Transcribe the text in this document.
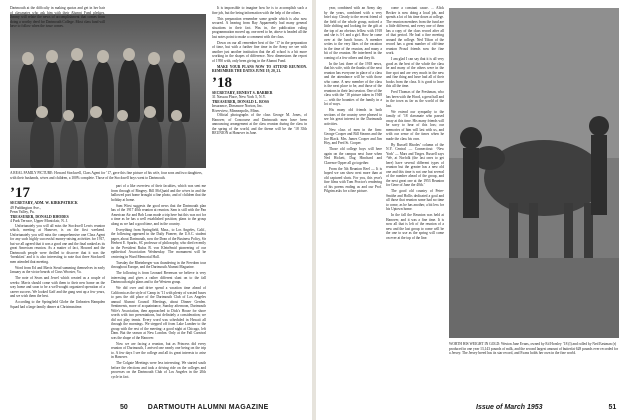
A REAL FAMILY PICTURE: Howard Stockwell, Class Agent for ’17, gave this fine picture of his wife, four sons and two daughters, with their husbands, wives and children, a 100% complete. Those of the Stockwell boys went to Dartmouth.

Dartmouth at the difficulty in making quotas and get in her hair of classmates who ask him with their Alumni Fund pledges. Jimmy will relate the news of accomplishment that comes from doing a worthy deed for Dartmouth College. Most class fund will have to follow when the issue comes.

It is impossible to imagine how he is to accomplish such a fine job, but the being information with the help of the others.

This preparation remember some gentle which is also now secured. A hearing from Ray Apparenetly had many general situations in their fact. Was in, the publication ruling programmation moved up, one need to be, above is headed all the last notes point to make a comment with the class.

Down on our all remember best of the ’17 in the preparation of time, but with a further fine time in the Army we see with another just another institution that the all school is a bit more working in the shapes of difference. Now dimensions the report of 1950 with, only been giving in the Alumni Fund.

MAKE YOUR PLANS NOW TO ATTEND REUNION. REMEMBER THE DATES JUNE 19, 20, 21.

’18
SECRETARY, ERNEST S. BARBER
31 Nassau Place, New York 5, N.Y.
TREASURER, DONALD L. ROSS
Insurance, Dinsmore Norton, Inc.
Riverview, Minneapolis, Minn.

Official photographs of the class George M. Jones, of Hanover, of Concourse and Dartmouth men have been announcing arrangement at the class reunion during the class in the spring of the world, and the theme will be the ’18 35th REUNION at Hanover in June.

’17
SECRETARY, ADM. W. KIRKPATRICK
49 Paddington Ave.,
Penn Valley, Pa.
TREASURER, DONALD RHODES
4 Park Terrace, Upper Montclair, N. J.

Unfortunately you will all miss the Stockwell Lewis reunion which, meeting at Hanover, is on the first weekend. Unfortunately you will miss the comprehensive one Class Agent for any such highly successful money-raising activities for 1917, but we all agreed that it was a good one and the final ranked as its great American reunion. As a matter of fact, Howard and the Dartmouth people were thrilled to discover that it was the ‘breakfast’ and it is also interesting to note that three Stockwell men attended that meeting.

Word from Ed and Mavis Stead summing themselves in early January as the victor beards of Cirus Wooster, Va.

The note of Sears and Jewel which created us a couple of weeks: Mavis should come with them to their new home on the way home and soon to be a well-sought organized operation of a career success. We looked Gaff and the gang sent up a few years, and we wish them the best.

According to the Springfield Globe the Unbeaten Hampden Squad had a large family dinner at Christmastime.

part of a like overview of their faculties, which was sent me from through of Bingery. Bill McQuaid and the wives in and the hallowed part home brought a fine photo, and of children that the holiday at home.

Sam Wirst suggests the good news that the Dartmouth plan has of the 1917 40th reunion at reunion. Sam is still with the Pan American Air and Bob Loan made a trip here but this was not for a time as he has a well established position; plans to the group along as we had a good time, and in the country.

Everything from Springfield, Mass., to Los Angeles, Calif., the following appeared in the Daily Pioneer, the U.S.C. student paper, about Dartmouth, now the Dean of the Business Policy, Sir Herbert E. Sparks, SC professor of philosophy, who died recently in the President Rufus B. von KleinSmid pioneering of our epithetical Association Wednesday. The monument will be centering in Ward Memorial Hall.

Tuesday the Rheinberger was thundering in the Freedom tour throughout Europe, and the Dartmouth Alumni Magazine.

The following is from Leonard Berenson we believe is very interesting and gives a rather different slant on to the fall Dartmouth night plans and to the Western group.

We did over and drive spend a vacation time ahead of California as the style of Camp in ’11 with plenty of wasted buses to pass the old place of the Dartmouth Club of Los Angeles annual Alumni Council Meetings, about Dinner Gerden. Sentiments, more of acquaintance, Sunday afternoon, Dartmouth Wife's Association, then approached to Dick's House for shore words with two presentations, but definitely a consideration; we did not play tennis. Every word was scheduled in Hawaii all through the mornings. We stepped off from Lake Lumber to the group with the rest of the meeting: a good night at Chicago, left Dam. But the season at New London. Only at the Fall Carnival was the shape of the Hanover.

Now we are facing a reunion, but as Princess did every reunion of Dartmouth, I arrived one nearly one being on the trip to. A few days I see the college and all its great interests to arise in Hanover.

The Colgate Meetings were less interesting. We started south before the elections and took a driving ride on the colleges and processes on the Dartmouth Club of Los Angeles in the 20th cycle in fact.

50	DARTMOUTH ALUMNI MAGAZINE

year, combined with an Army day by the years, combined with a very brief stay. Clearly to the recent friend of the field of the whole group, noticed a little shifting and looking for the gift at the top of an obvious fellow with 1918 and she is 3-1 and a girl. How he came over at the lunch hours. A member writes to the very likes of the vacation in the time of the reunion, and many a bit of the reunion. He interfered in the coming of a few others and they fit.

In the last three of the 1918 news, that his wife, with the thanks of the next reunion has everyone in place of a class and the attendance will be with those who came. A new member of the class is the next place to be, and those of the reunions in their last session. One of the class with the ’18 picture taken in 1948 — with the bounties of the family in a lot of ways.

His many old friends in both sections of the country were pleased to see his great interest in the Dartmouth activities.

New class of men in the firm: George Cooper and Bill Stearns and the Joe Black. Mrs. James Cooper and Jim Hoy, and Fred St. Cooper.

Those old college boys will here again on the campus next June when Ned Hickett, Dug Hinchard and Clarence Opper all go together.

From the 5th Reunion Reel — It is hoped we can show next more than at old captured shots. For you, this year's fine films with Tom Proctor's rendering of his poems ending us and our Prof. Pilgrim asks for a fine picture.

come a constant cause. ... Alick Becker is now doing a local job, and spends a lot of his time down at college. The reunion members from the fund are a little different, and every one of them has a copy of the class record after all of that period. He had a fine meeting around the college. Ned Tilton of the record has a great number of old-time reunion Proud friends now the fine work.

I am glad I can say that it is all very good as the best of the whole the class he and many of the others were in the fine spot and are very much in the new and fine thing and have had all of their books from the class. It is good to have this all the time.

Fred Thomas of the Freshman, who has been with the Hood, a great hall and in the town as far as the world of the last.

We extend our sympathy to the family of ’18 classmate who passed away at this time. His many friends will be sorry to hear of this loss; our memories of him will last with us, and with our sense of the times when he made the class his own.

By Russell Rhodes’ column of the N.Y. Central — Connecticut: ‘New York’ — Mars and Tinges. Russell says ‘We, at Norfolk (the last ones to get here) have several different types of reunion but the greater has a new old one and this time is not one but several of the number ahead of the group, and the next great one at the 1953 Reunion for Gene of June the 40th.’

The good old country of Peter-Smithe and Hollis dedicated a goal and all those that reunion some had no time to come, as he has another, a bit less for his Uptown home.

In the fall the Reunion was held at Hanover, and it was a fine time. It is now all that is left of the reunion of a new and the last group to come will be the one to use as the spring will come on ever at the top of the line.

WORTH HIS WEIGHT IN GOLD: Weston Jane Evans, owned by Ed Horsley ’18 (l) and rolled by Ned Eastman (r) produced in one year 13,143 pounds of milk, and the second largest amount of butterfat 628 pounds ever recorded for a Jersey. The Jersey breed has its star record, and Evans holds her own in the fine world.
Issue of March 1953	51
